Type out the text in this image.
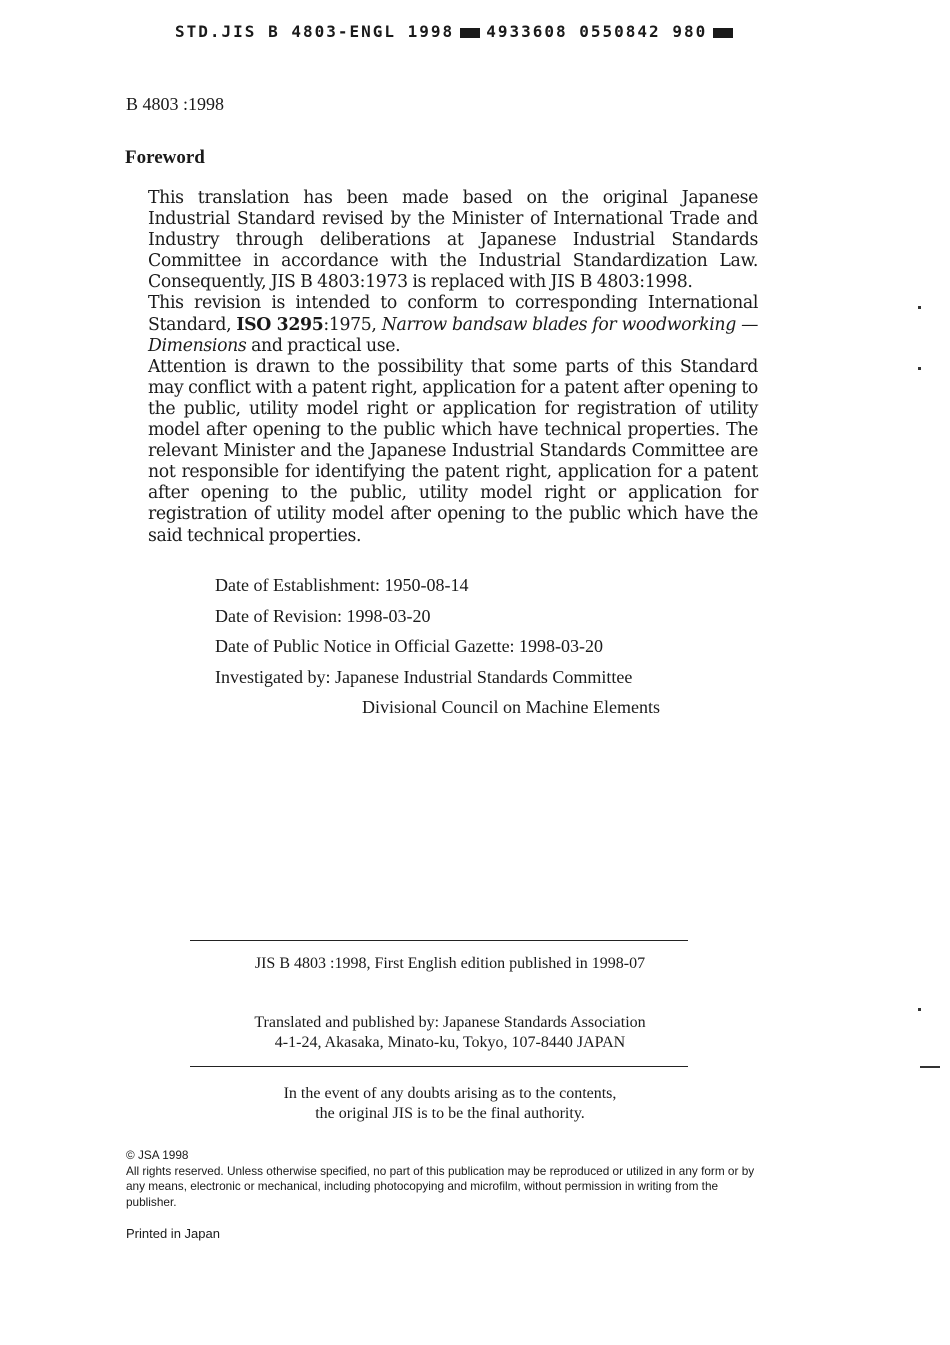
STD.JIS B 4803-ENGL 1998 4933608 0550842 980
B 4803 :1998
Foreword

This translation has been made based on the original Japanese Industrial Standard revised by the Minister of International Trade and Industry through deliberations at Japanese Industrial Standards Committee in accordance with the Industrial Standardization Law. Consequently, JIS B 4803:1973 is replaced with JIS B 4803:1998.

This revision is intended to conform to corresponding International Standard, ISO 3295:1975, Narrow bandsaw blades for woodworking — Dimensions and practical use.

Attention is drawn to the possibility that some parts of this Standard may conflict with a patent right, application for a patent after opening to the public, utility model right or application for registration of utility model after opening to the public which have technical properties. The relevant Minister and the Japanese Industrial Standards Committee are not responsible for identifying the patent right, application for a patent after opening to the public, utility model right or application for registration of utility model after opening to the public which have the said technical properties.

Date of Establishment: 1950-08-14
Date of Revision: 1998-03-20
Date of Public Notice in Official Gazette: 1998-03-20
Investigated by: Japanese Industrial Standards Committee
Divisional Council on Machine Elements
JIS B 4803 :1998, First English edition published in 1998-07
Translated and published by: Japanese Standards Association
4-1-24, Akasaka, Minato-ku, Tokyo, 107-8440 JAPAN
In the event of any doubts arising as to the contents,
the original JIS is to be the final authority.

© JSA 1998

All rights reserved. Unless otherwise specified, no part of this publication may be reproduced or utilized in any form or by any means, electronic or mechanical, including photocopying and microfilm, without permission in writing from the publisher.

Printed in Japan
